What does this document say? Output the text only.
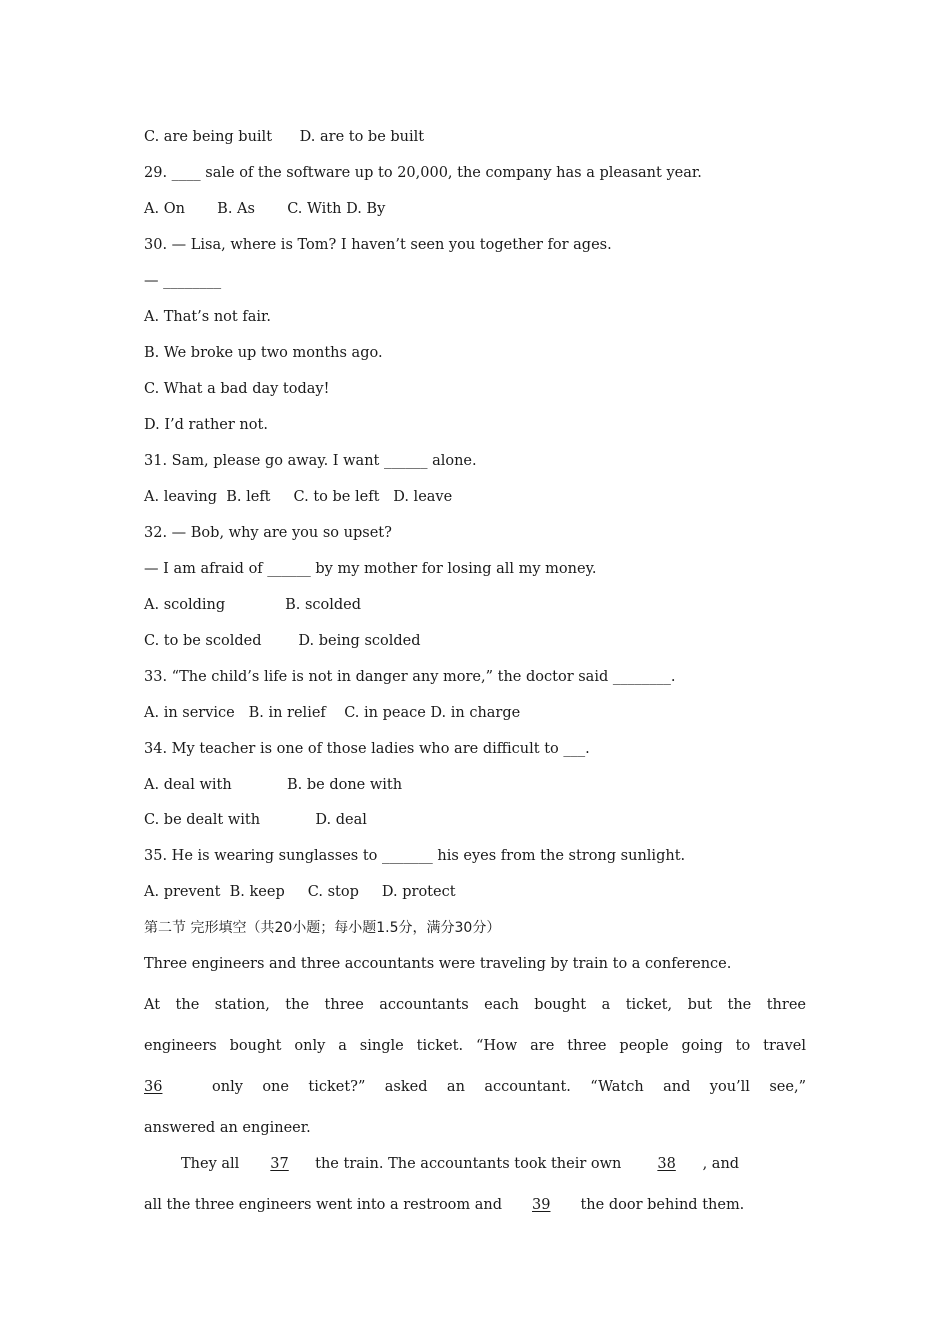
C. are being built      D. are to be built
29. ____ sale of the software up to 20,000, the company has a pleasant year.
A. On       B. As       C. With D. By
30. — Lisa, where is Tom? I haven’t seen you together for ages.
— ________
A. That’s not fair.
B. We broke up two months ago.
C. What a bad day today!
D. I’d rather not.
31. Sam, please go away. I want ______ alone.
A. leaving  B. left     C. to be left   D. leave
32. — Bob, why are you so upset?
— I am afraid of ______ by my mother for losing all my money.
A. scolding             B. scolded
C. to be scolded        D. being scolded
33. “The child’s life is not in danger any more,” the doctor said ________.
A. in service   B. in relief    C. in peace D. in charge
34. My teacher is one of those ladies who are difficult to ___.
A. deal with            B. be done with
C. be dealt with            D. deal
35. He is wearing sunglasses to _______ his eyes from the strong sunlight.
A. prevent  B. keep     C. stop     D. protect
第二节 完形填空（共20小题；每小题1.5分，满分30分）
Three engineers and three accountants were traveling by train to a conference.
At the station, the three accountants each bought a ticket, but the three
engineers bought only a single ticket. “How are three people going to travel
36	only one ticket?” asked an accountant. “Watch and you’ll see,”
answered an engineer.
They all 37 the train. The accountants took their own 38 , and
all the three engineers went into a restroom and 39 the door behind them.
